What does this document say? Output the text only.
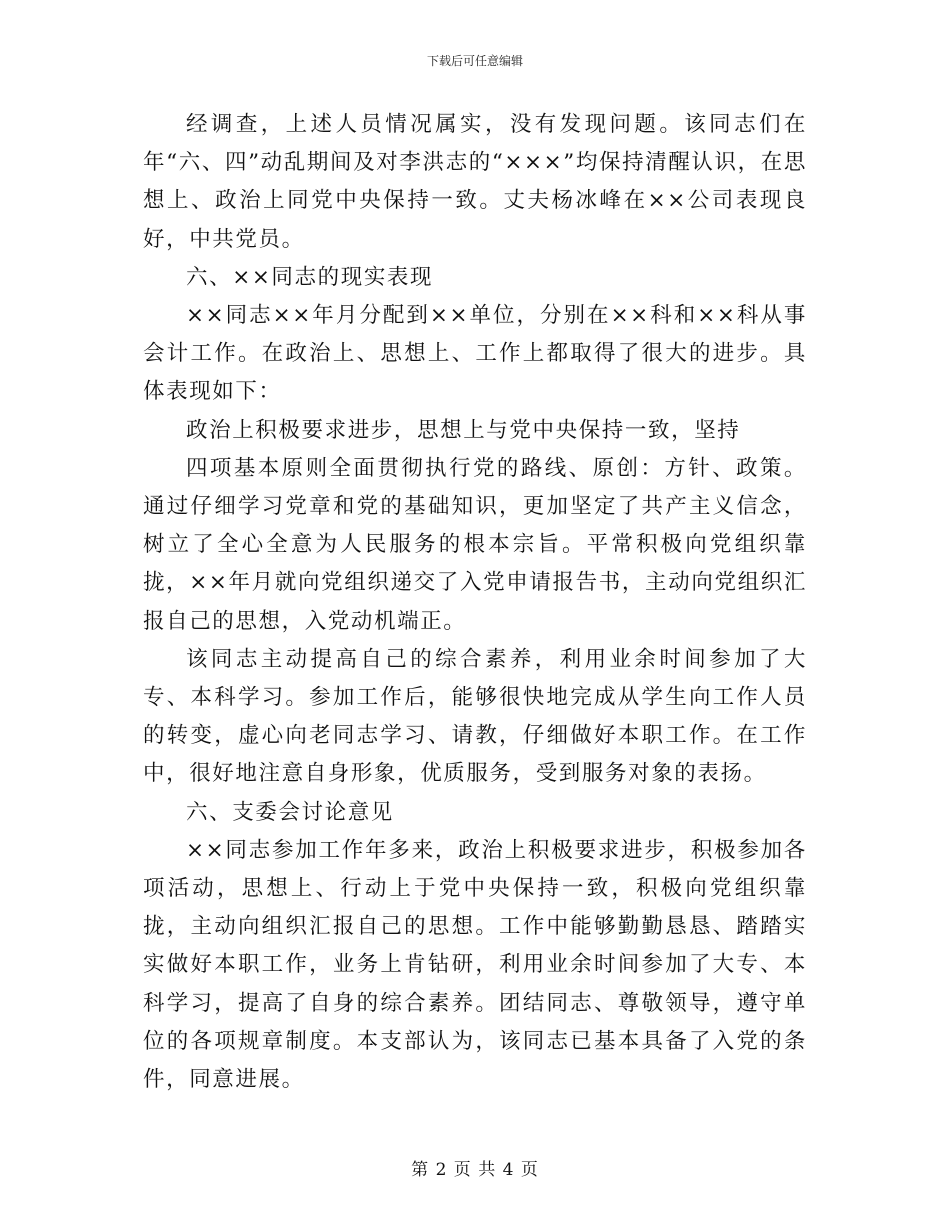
下载后可任意编辑

经调查，上述人员情况属实，没有发现问题。该同志们在年“六、四”动乱期间及对李洪志的“×××”均保持清醒认识，在思想上、政治上同党中央保持一致。丈夫杨冰峰在××公司表现良好，中共党员。

六、××同志的现实表现

××同志××年月分配到××单位，分别在××科和××科从事会计工作。在政治上、思想上、工作上都取得了很大的进步。具体表现如下：

政治上积极要求进步，思想上与党中央保持一致，坚持

四项基本原则全面贯彻执行党的路线、原创：方针、政策。通过仔细学习党章和党的基础知识，更加坚定了共产主义信念，树立了全心全意为人民服务的根本宗旨。平常积极向党组织靠拢，××年月就向党组织递交了入党申请报告书，主动向党组织汇报自己的思想，入党动机端正。

该同志主动提高自己的综合素养，利用业余时间参加了大专、本科学习。参加工作后，能够很快地完成从学生向工作人员的转变，虚心向老同志学习、请教，仔细做好本职工作。在工作中，很好地注意自身形象，优质服务，受到服务对象的表扬。

六、支委会讨论意见

××同志参加工作年多来，政治上积极要求进步，积极参加各项活动，思想上、行动上于党中央保持一致，积极向党组织靠拢，主动向组织汇报自己的思想。工作中能够勤勤恳恳、踏踏实实做好本职工作，业务上肯钻研，利用业余时间参加了大专、本科学习，提高了自身的综合素养。团结同志、尊敬领导，遵守单位的各项规章制度。本支部认为，该同志已基本具备了入党的条件，同意进展。

第 2 页 共 4 页
